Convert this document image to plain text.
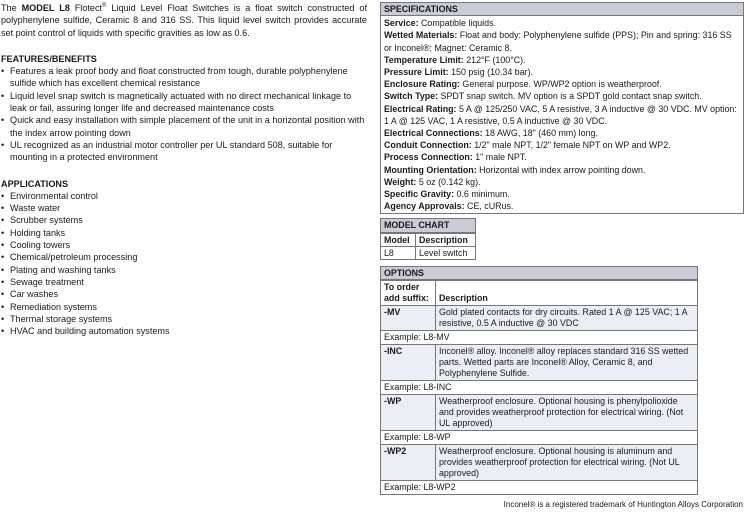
The MODEL L8 Flotect® Liquid Level Float Switches is a float switch constructed of polyphenylene sulfide, Ceramic 8 and 316 SS. This liquid level switch provides accurate set point control of liquids with specific gravities as low as 0.6.

FEATURES/BENEFITS

• Features a leak proof body and float constructed from tough, durable polyphenylene sulfide which has excellent chemical resistance
• Liquid level snap switch is magnetically actuated with no direct mechanical linkage to leak or fail, assuring longer life and decreased maintenance costs
• Quick and easy installation with simple placement of the unit in a horizontal position with the index arrow pointing down
• UL recognized as an industrial motor controller per UL standard 508, suitable for mounting in a protected environment

APPLICATIONS

• Environmental control
• Waste water
• Scrubber systems
• Holding tanks
• Cooling towers
• Chemical/petroleum processing
• Plating and washing tanks
• Sewage treatment
• Car washes
• Remediation systems
• Thermal storage systems
• HVAC and building automation systems
SPECIFICATIONS

Service: Compatible liquids.

Wetted Materials: Float and body: Polyphenylene sulfide (PPS); Pin and spring: 316 SS or Inconel®; Magnet: Ceramic 8.

Temperature Limit: 212°F (100°C).

Pressure Limit: 150 psig (10.34 bar).

Enclosure Rating: General purpose. WP/WP2 option is weatherproof.

Switch Type: SPDT snap switch. MV option is a SPDT gold contact snap switch.

Electrical Rating: 5 A @ 125/250 VAC, 5 A resistive, 3 A inductive @ 30 VDC. MV option: 1 A @ 125 VAC, 1 A resistive, 0.5 A inductive @ 30 VDC.

Electrical Connections: 18 AWG, 18" (460 mm) long.

Conduit Connection: 1/2" male NPT, 1/2" female NPT on WP and WP2.

Process Connection: 1" male NPT.

Mounting Orientation: Horizontal with index arrow pointing down.

Weight: 5 oz (0.142 kg).

Specific Gravity: 0.6 minimum.

Agency Approvals: CE, cURus.

MODEL CHART
Model	Description
L8	Level switch
OPTIONS
To order add suffix:	Description
-MV	Gold plated contacts for dry circuits. Rated 1 A @ 125 VAC; 1 A resistive, 0.5 A inductive @ 30 VDC
Example: L8-MV	
-INC	Inconel® alloy. Inconel® alloy replaces standard 316 SS wetted parts. Wetted parts are Inconel® Alloy, Ceramic 8, and Polyphenylene Sulfide.
Example: L8-INC	
-WP	Weatherproof enclosure. Optional housing is phenylpolioxide and provides weatherproof protection for electrical wiring. (Not UL approved)
Example: L8-WP	
-WP2	Weatherproof enclosure. Optional housing is aluminum and provides weatherproof protection for electrical wiring. (Not UL approved)
Example: L8-WP2	
Inconel® is a registered trademark of Huntington Alloys Corporation
